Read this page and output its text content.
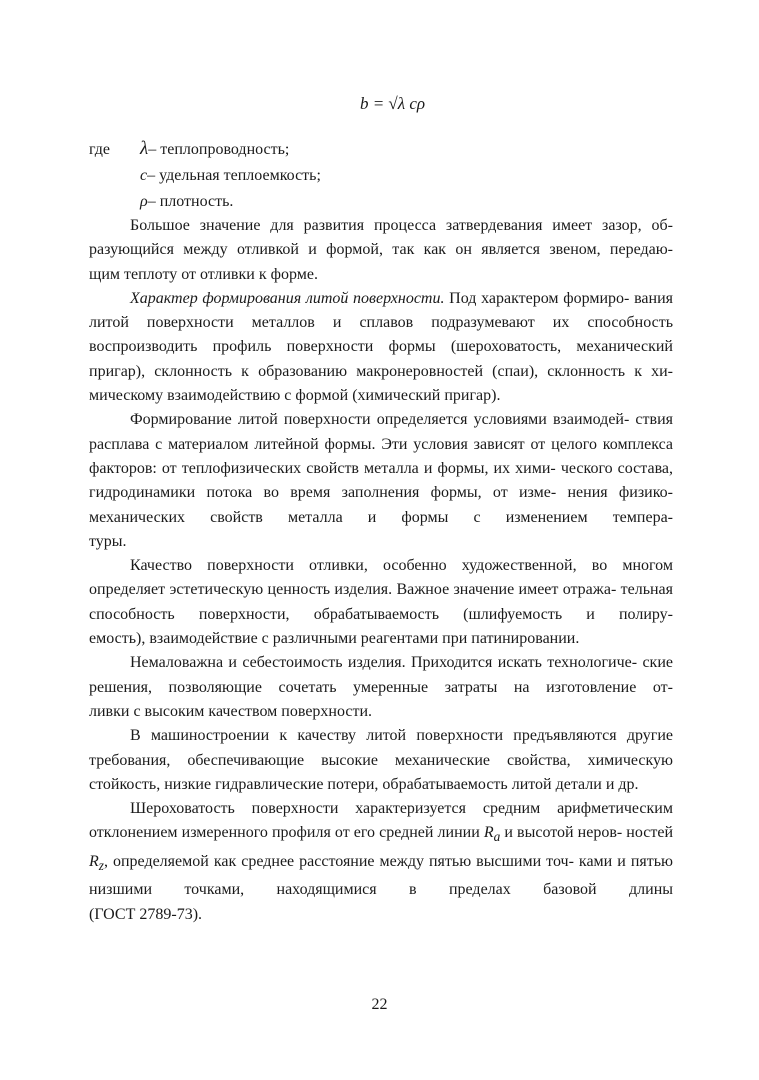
b = √λ cρ
где	λ – теплопроводность;
c – удельная теплоемкость;
ρ – плотность.

Большое значение для развития процесса затвердевания имеет зазор, об- разующийся между отливкой и формой, так как он является звеном, передаю-
щим теплоту от отливки к форме.

Характер формирования литой поверхности. Под характером формиро- вания литой поверхности металлов и сплавов подразумевают их способность воспроизводить профиль поверхности формы (шероховатость, механический пригар), склонность к образованию макронеровностей (спаи), склонность к хи-
мическому взаимодействию с формой (химический пригар).

Формирование литой поверхности определяется условиями взаимодей- ствия расплава с материалом литейной формы. Эти условия зависят от целого комплекса факторов: от теплофизических свойств металла и формы, их хими- ческого состава, гидродинамики потока во время заполнения формы, от изме- нения физико-механических свойств металла и формы с изменением темпера-
туры.

Качество поверхности отливки, особенно художественной, во многом определяет эстетическую ценность изделия. Важное значение имеет отража- тельная способность поверхности, обрабатываемость (шлифуемость и полиру-
емость), взаимодействие с различными реагентами при патинировании.

Немаловажна и себестоимость изделия. Приходится искать технологиче- ские решения, позволяющие сочетать умеренные затраты на изготовление от-
ливки с высоким качеством поверхности.

В машиностроении к качеству литой поверхности предъявляются другие требования, обеспечивающие высокие механические свойства, химическую
стойкость, низкие гидравлические потери, обрабатываемость литой детали и др.

Шероховатость поверхности характеризуется средним арифметическим отклонением измеренного профиля от его средней линии $R_a$ и высотой нерoв- ностей $R_z$, определяемой как среднее расстояние между пятью высшими точ- ками и пятью низшими точками, находящимися в пределах базовой длины
(ГОСТ 2789-73).

22
